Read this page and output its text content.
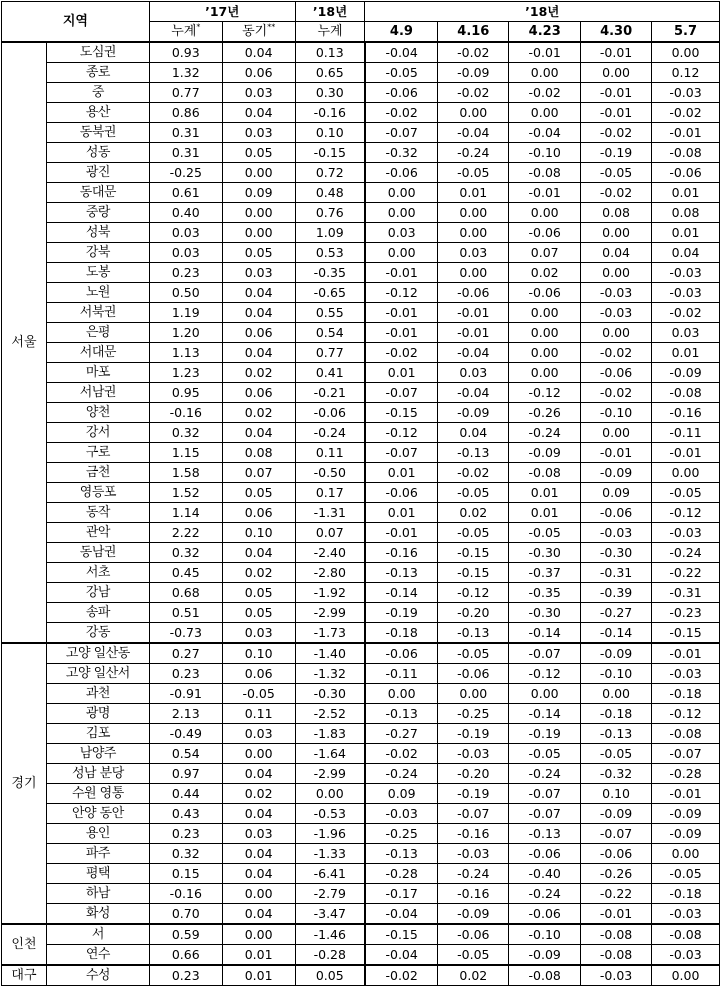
지역		’17년		’18년	’18년				
		누계*	동기**	누계	4.9	4.16	4.23	4.30	5.7
서울	도심권	0.93	0.04	0.13	-0.04	-0.02	-0.01	-0.01	0.00
	종로	1.32	0.06	0.65	-0.05	-0.09	0.00	0.00	0.12
	중	0.77	0.03	0.30	-0.06	-0.02	-0.02	-0.01	-0.03
	용산	0.86	0.04	-0.16	-0.02	0.00	0.00	-0.01	-0.02
	동북권	0.31	0.03	0.10	-0.07	-0.04	-0.04	-0.02	-0.01
	성동	0.31	0.05	-0.15	-0.32	-0.24	-0.10	-0.19	-0.08
	광진	-0.25	0.00	0.72	-0.06	-0.05	-0.08	-0.05	-0.06
	동대문	0.61	0.09	0.48	0.00	0.01	-0.01	-0.02	0.01
	중랑	0.40	0.00	0.76	0.00	0.00	0.00	0.08	0.08
	성북	0.03	0.00	1.09	0.03	0.00	-0.06	0.00	0.01
	강북	0.03	0.05	0.53	0.00	0.03	0.07	0.04	0.04
	도봉	0.23	0.03	-0.35	-0.01	0.00	0.02	0.00	-0.03
	노원	0.50	0.04	-0.65	-0.12	-0.06	-0.06	-0.03	-0.03
	서북권	1.19	0.04	0.55	-0.01	-0.01	0.00	-0.03	-0.02
	은평	1.20	0.06	0.54	-0.01	-0.01	0.00	0.00	0.03
	서대문	1.13	0.04	0.77	-0.02	-0.04	0.00	-0.02	0.01
	마포	1.23	0.02	0.41	0.01	0.03	0.00	-0.06	-0.09
	서남권	0.95	0.06	-0.21	-0.07	-0.04	-0.12	-0.02	-0.08
	양천	-0.16	0.02	-0.06	-0.15	-0.09	-0.26	-0.10	-0.16
	강서	0.32	0.04	-0.24	-0.12	0.04	-0.24	0.00	-0.11
	구로	1.15	0.08	0.11	-0.07	-0.13	-0.09	-0.01	-0.01
	금천	1.58	0.07	-0.50	0.01	-0.02	-0.08	-0.09	0.00
	영등포	1.52	0.05	0.17	-0.06	-0.05	0.01	0.09	-0.05
	동작	1.14	0.06	-1.31	0.01	0.02	0.01	-0.06	-0.12
	관악	2.22	0.10	0.07	-0.01	-0.05	-0.05	-0.03	-0.03
	동남권	0.32	0.04	-2.40	-0.16	-0.15	-0.30	-0.30	-0.24
	서초	0.45	0.02	-2.80	-0.13	-0.15	-0.37	-0.31	-0.22
	강남	0.68	0.05	-1.92	-0.14	-0.12	-0.35	-0.39	-0.31
	송파	0.51	0.05	-2.99	-0.19	-0.20	-0.30	-0.27	-0.23
	강동	-0.73	0.03	-1.73	-0.18	-0.13	-0.14	-0.14	-0.15
경기	고양 일산동	0.27	0.10	-1.40	-0.06	-0.05	-0.07	-0.09	-0.01
	고양 일산서	0.23	0.06	-1.32	-0.11	-0.06	-0.12	-0.10	-0.03
	과천	-0.91	-0.05	-0.30	0.00	0.00	0.00	0.00	-0.18
	광명	2.13	0.11	-2.52	-0.13	-0.25	-0.14	-0.18	-0.12
	김포	-0.49	0.03	-1.83	-0.27	-0.19	-0.19	-0.13	-0.08
	남양주	0.54	0.00	-1.64	-0.02	-0.03	-0.05	-0.05	-0.07
	성남 분당	0.97	0.04	-2.99	-0.24	-0.20	-0.24	-0.32	-0.28
	수원 영통	0.44	0.02	0.00	0.09	-0.19	-0.07	0.10	-0.01
	안양 동안	0.43	0.04	-0.53	-0.03	-0.07	-0.07	-0.09	-0.09
	용인	0.23	0.03	-1.96	-0.25	-0.16	-0.13	-0.07	-0.09
	파주	0.32	0.04	-1.33	-0.13	-0.03	-0.06	-0.06	0.00
	평택	0.15	0.04	-6.41	-0.28	-0.24	-0.40	-0.26	-0.05
	하남	-0.16	0.00	-2.79	-0.17	-0.16	-0.24	-0.22	-0.18
	화성	0.70	0.04	-3.47	-0.04	-0.09	-0.06	-0.01	-0.03
인천	서	0.59	0.00	-1.46	-0.15	-0.06	-0.10	-0.08	-0.08
	연수	0.66	0.01	-0.28	-0.04	-0.05	-0.09	-0.08	-0.03
대구	수성	0.23	0.01	0.05	-0.02	0.02	-0.08	-0.03	0.00
